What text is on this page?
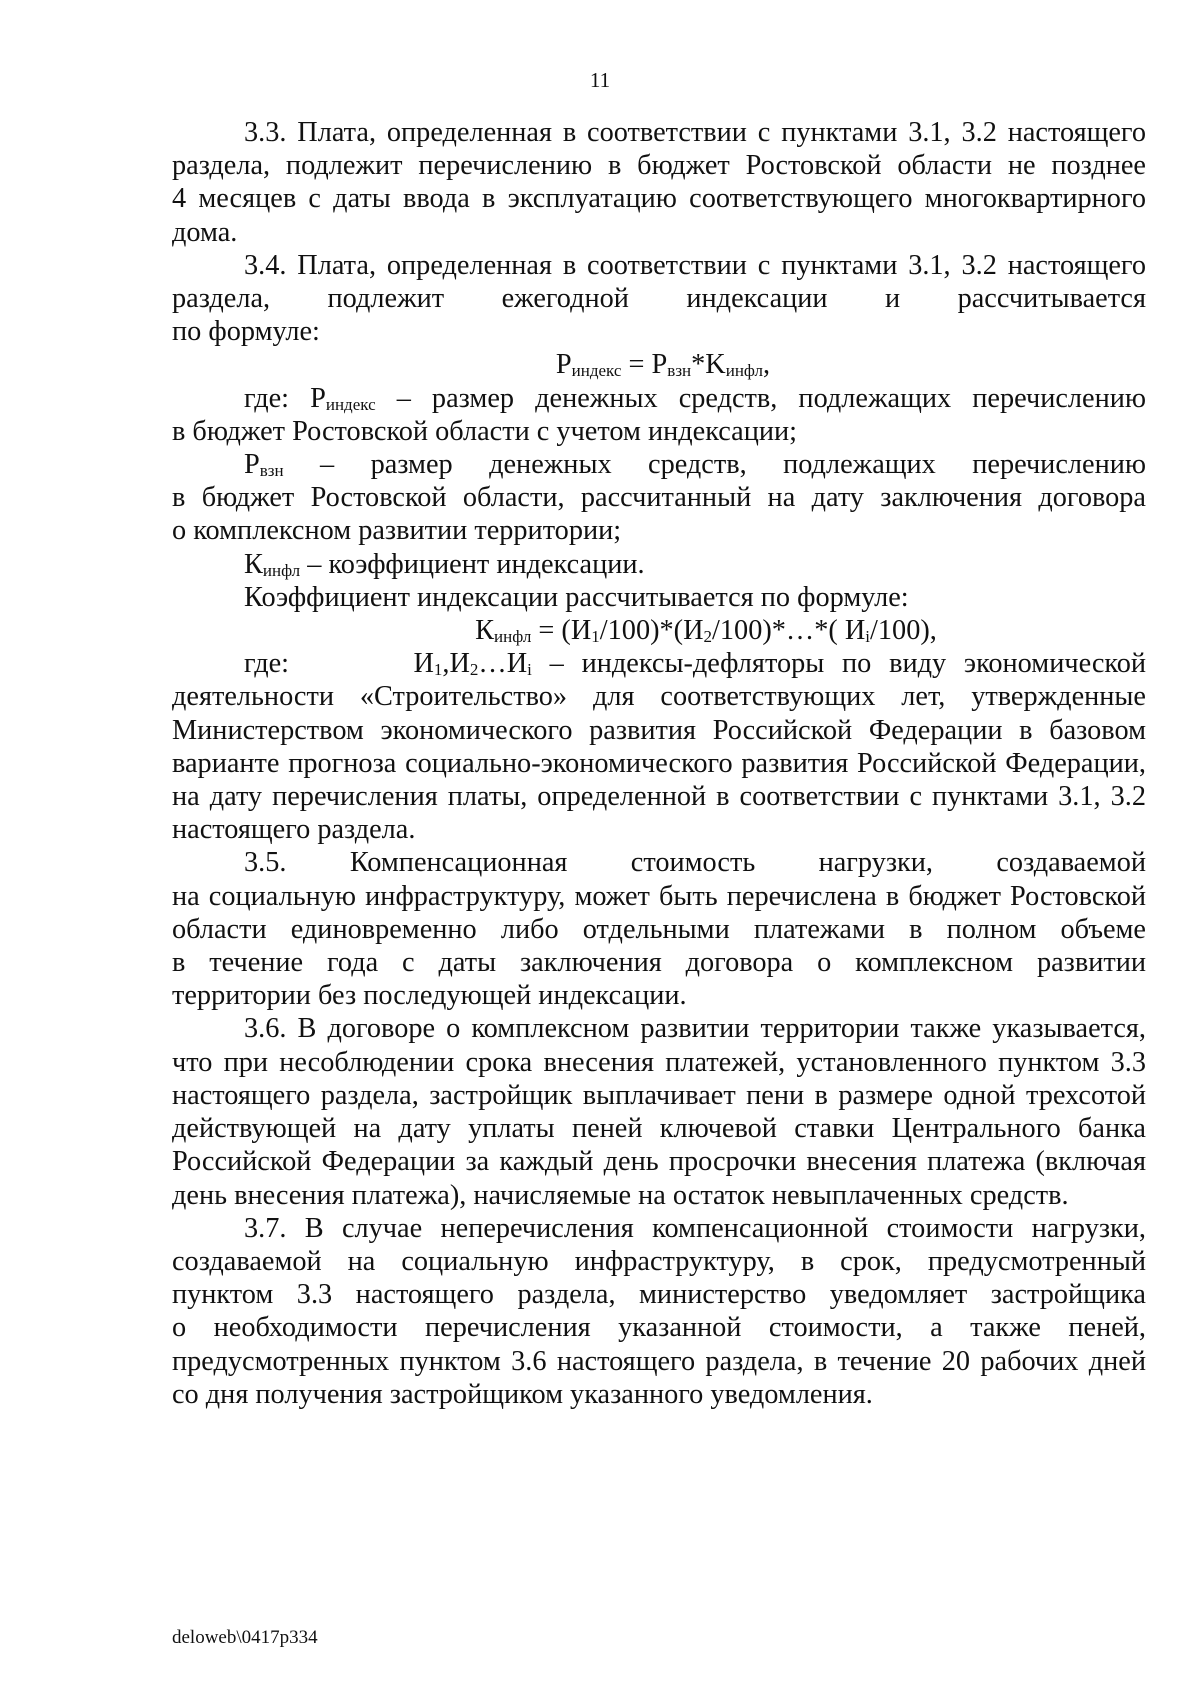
11

3.3. Плата, определенная в соответствии с пунктами 3.1, 3.2 настоящего

раздела, подлежит перечислению в бюджет Ростовской области не позднее

4 месяцев с даты ввода в эксплуатацию соответствующего многоквартирного

дома.

3.4. Плата, определенная в соответствии с пунктами 3.1, 3.2 настоящего

раздела, подлежит ежегодной индексации и рассчитывается

по формуле:

$P_{индекс} = P_{взн}*K_{инфл}$,

где: $P_{индекс}$ – размер денежных средств, подлежащих перечислению

в бюджет Ростовской области с учетом индексации;

$P_{взн}$ – размер денежных средств, подлежащих перечислению

в бюджет Ростовской области, рассчитанный на дату заключения договора

о комплексном развитии территории;

$К_{инфл}$ – коэффициент индексации.

Коэффициент индексации рассчитывается по формуле:

$К_{инфл}$ = $(И_1/100)*(И_2/100)*\dots*$( $И_i/100$),

где:	$И_1,И_2\dots И_i$ – индексы-дефляторы по виду экономической

деятельности «Строительство» для соответствующих лет, утвержденные

Министерством экономического развития Российской Федерации в базовом

варианте прогноза социально-экономического развития Российской Федерации,

на дату перечисления платы, определенной в соответствии с пунктами 3.1, 3.2

настоящего раздела.

3.5. Компенсационная стоимость нагрузки, создаваемой

на социальную инфраструктуру, может быть перечислена в бюджет Ростовской

области единовременно либо отдельными платежами в полном объеме

в течение года с даты заключения договора о комплексном развитии

территории без последующей индексации.

3.6. В договоре о комплексном развитии территории также указывается,

что при несоблюдении срока внесения платежей, установленного пунктом 3.3

настоящего раздела, застройщик выплачивает пени в размере одной трехсотой

действующей на дату уплаты пеней ключевой ставки Центрального банка

Российской Федерации за каждый день просрочки внесения платежа (включая

день внесения платежа), начисляемые на остаток невыплаченных средств.

3.7. В случае неперечисления компенсационной стоимости нагрузки,

создаваемой на социальную инфраструктуру, в срок, предусмотренный

пунктом 3.3 настоящего раздела, министерство уведомляет застройщика

о необходимости перечисления указанной стоимости, а также пеней,

предусмотренных пунктом 3.6 настоящего раздела, в течение 20 рабочих дней

со дня получения застройщиком указанного уведомления.

deloweb\0417p334
